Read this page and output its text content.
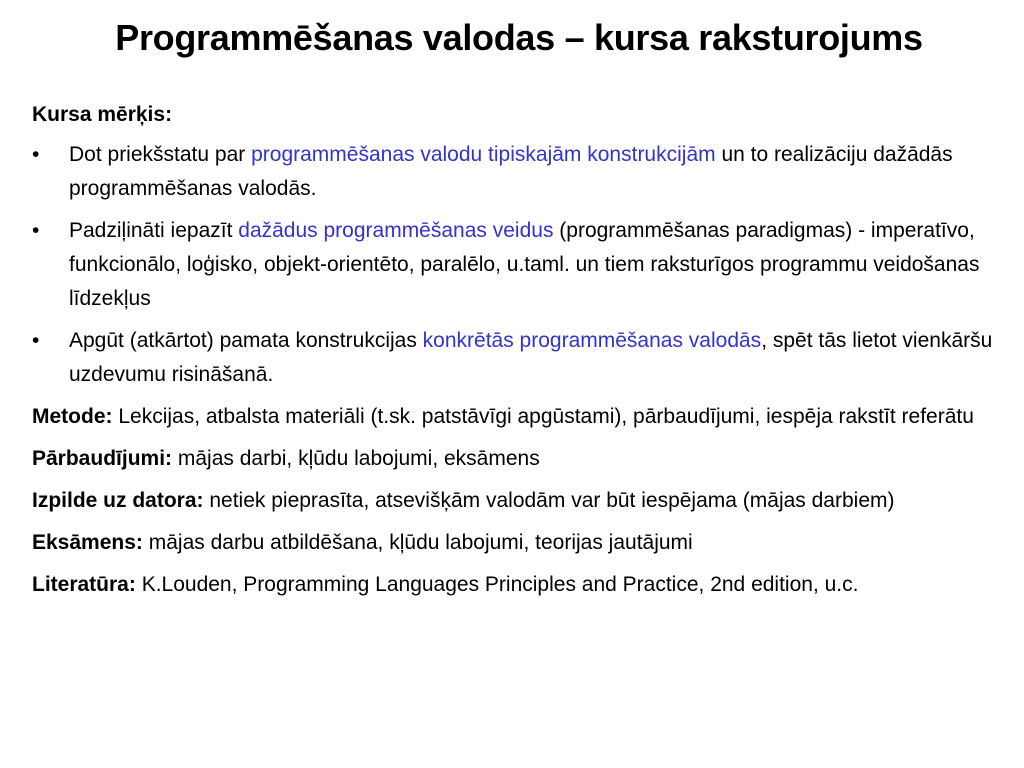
Programmēšanas valodas – kursa raksturojums
Kursa mērķis:
•	Dot priekšstatu par programmēšanas valodu tipiskajām konstrukcijām un to realizāciju dažādās programmēšanas valodās.
•	Padziļināti iepazīt dažādus programmēšanas veidus (programmēšanas paradigmas) - imperatīvo, funkcionālo, loģisko, objekt-orientēto, paralēlo, u.taml. un tiem raksturīgos programmu veidošanas līdzekļus
•	Apgūt (atkārtot) pamata konstrukcijas konkrētās programmēšanas valodās, spēt tās lietot vienkāršu uzdevumu risināšanā.
Metode: Lekcijas, atbalsta materiāli (t.sk. patstāvīgi apgūstami), pārbaudījumi, iespēja rakstīt referātu
Pārbaudījumi: mājas darbi, kļūdu labojumi, eksāmens
Izpilde uz datora: netiek pieprasīta, atsevišķām valodām var būt iespējama (mājas darbiem)
Eksāmens: mājas darbu atbildēšana, kļūdu labojumi, teorijas jautājumi
Literatūra: K.Louden, Programming Languages Principles and Practice, 2nd edition, u.c.
